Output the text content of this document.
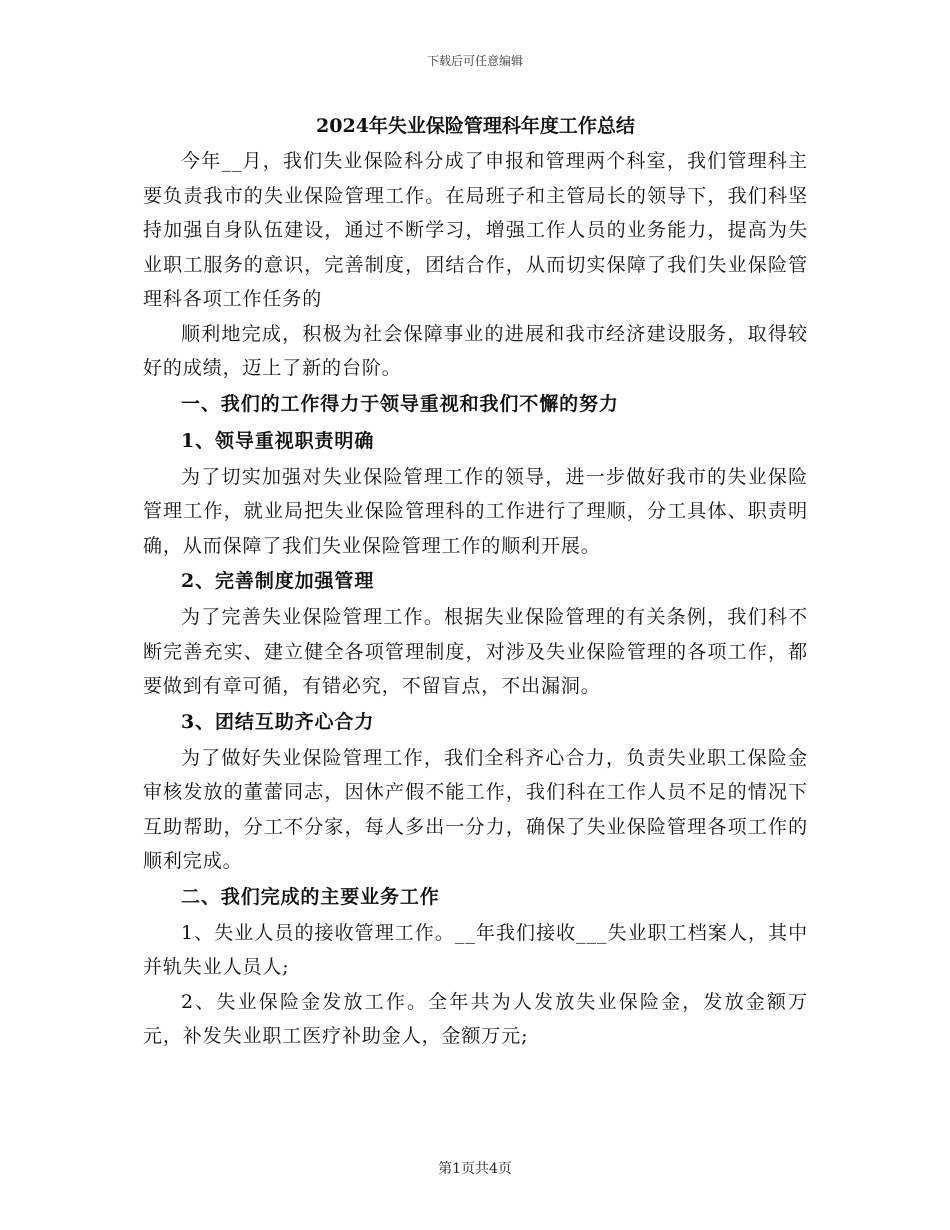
下载后可任意编辑

2024年失业保险管理科年度工作总结

今年__月，我们失业保险科分成了申报和管理两个科室，我们管理科主要负责我市的失业保险管理工作。在局班子和主管局长的领导下，我们科坚持加强自身队伍建设，通过不断学习，增强工作人员的业务能力，提高为失业职工服务的意识，完善制度，团结合作，从而切实保障了我们失业保险管理科各项工作任务的

顺利地完成，积极为社会保障事业的进展和我市经济建设服务，取得较好的成绩，迈上了新的台阶。

一、我们的工作得力于领导重视和我们不懈的努力

1、领导重视职责明确

为了切实加强对失业保险管理工作的领导，进一步做好我市的失业保险管理工作，就业局把失业保险管理科的工作进行了理顺，分工具体、职责明确，从而保障了我们失业保险管理工作的顺利开展。

2、完善制度加强管理

为了完善失业保险管理工作。根据失业保险管理的有关条例，我们科不断完善充实、建立健全各项管理制度，对涉及失业保险管理的各项工作，都要做到有章可循，有错必究，不留盲点，不出漏洞。

3、团结互助齐心合力

为了做好失业保险管理工作，我们全科齐心合力，负责失业职工保险金审核发放的董蕾同志，因休产假不能工作，我们科在工作人员不足的情况下互助帮助，分工不分家，每人多出一分力，确保了失业保险管理各项工作的顺利完成。

二、我们完成的主要业务工作

1、失业人员的接收管理工作。__年我们接收___失业职工档案人，其中并轨失业人员人;

2、失业保险金发放工作。全年共为人发放失业保险金，发放金额万元，补发失业职工医疗补助金人，金额万元;

第1页共4页
